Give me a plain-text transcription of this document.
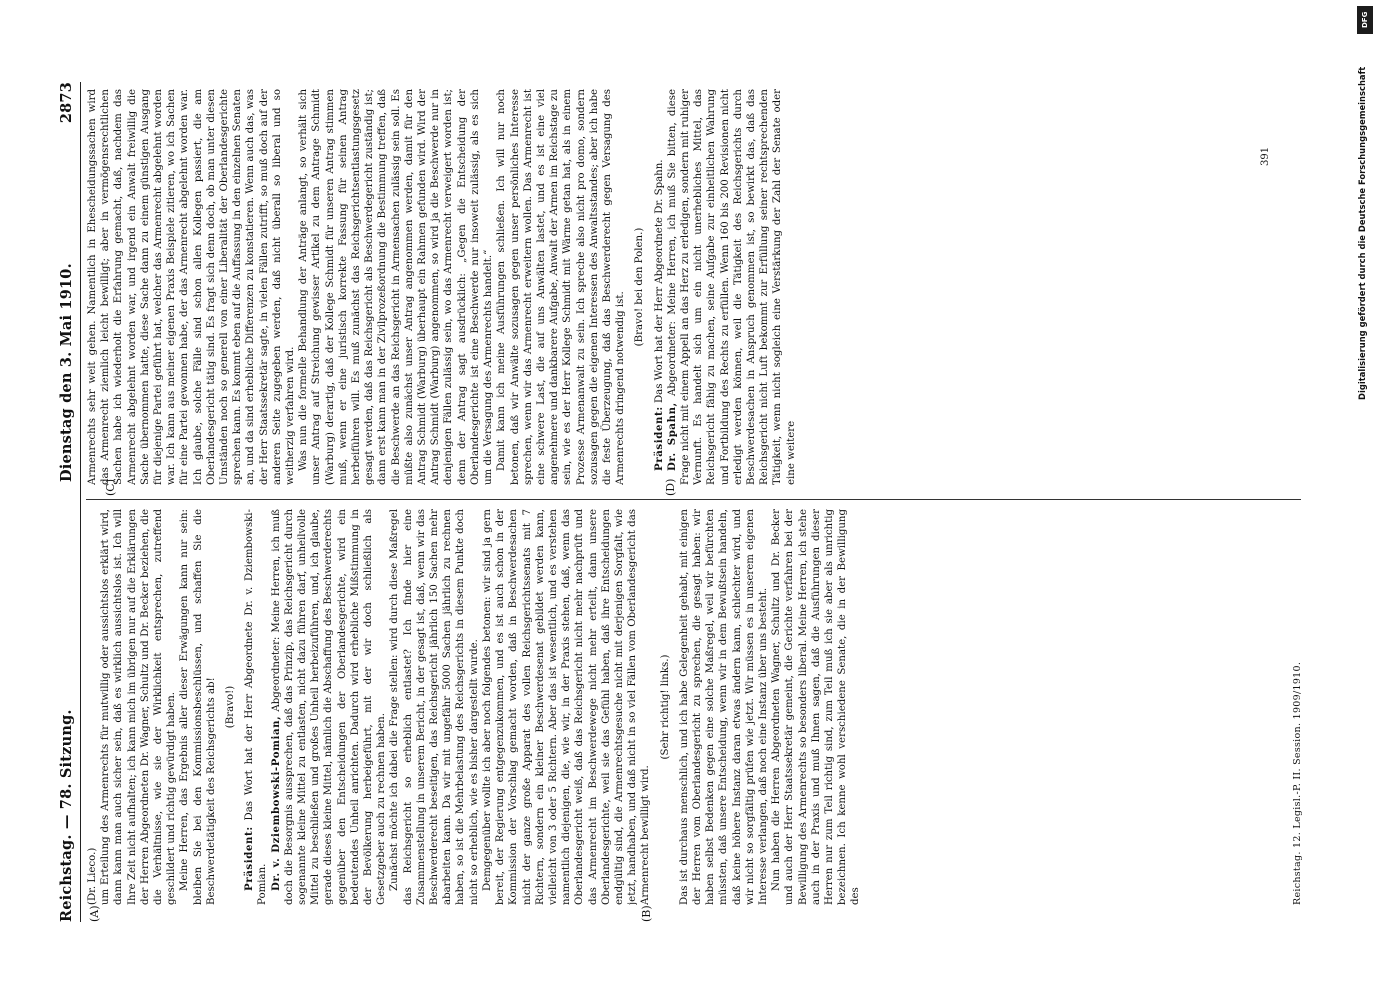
Reichstag. — 78. Sitzung.
Dienstag den 3. Mai 1910.
2873
(A)	(B)
(C)	(D)

(Dr. Lieco.) um Erteilung des Armenrechts für mutwillig oder aussichtslos erklärt wird, dann kann man auch sicher sein, daß es wirklich aussichtslos ist. Ich will Ihre Zeit nicht aufhalten; ich kann mich im übrigen nur auf die Erklärungen der Herren Abgeordneten Dr. Wagner, Schultz und Dr. Becker beziehen, die die Verhältnisse, wie sie der Wirklichkeit entsprechen, zutreffend geschildert und richtig gewürdigt haben. Meine Herren, das Ergebnis aller dieser Erwägungen kann nur sein: bleiben Sie bei den Kommissionsbeschlüssen, und schaffen Sie die Beschwerdetätigkeit des Reichsgerichts ab! (Bravo!)

Präsident: Das Wort hat der Herr Abgeordnete Dr. v. Dziembowski-Pomian. Dr. v. Dziembowski-Pomian, Abgeordneter: Meine Herren, ich muß doch die Besorgnis aussprechen, daß das Prinzip, das Reichsgericht durch sogenannte kleine Mittel zu entlasten, nicht dazu führen darf, unheilvolle Mittel zu beschließen und großes Unheil herbeizuführen, und, ich glaube, gerade dieses kleine Mittel, nämlich die Abschaffung des Beschwerderechts gegenüber den Entscheidungen der Oberlandesgerichte, wird ein bedeutendes Unheil anrichten. Dadurch wird erhebliche Mißstimmung in der Bevölkerung herbeigeführt, mit der wir doch schließlich als Gesetzgeber auch zu rechnen haben. Zunächst möchte ich dabei die Frage stellen: wird durch diese Maßregel das Reichsgericht so erheblich entlastet? Ich finde hier eine Zusammenstellung in unserem Bericht, in der gesagt ist, daß, wenn wir das Beschwerderecht beseitigen, das Reichsgericht jährlich 150 Sachen mehr abarbeiten kann. Da wir mit ungefähr 5000 Sachen jährlich zu rechnen haben, so ist die Mehrbelastung des Reichsgerichts in diesem Punkte doch nicht so erheblich, wie es bisher dargestellt wurde. Demgegenüber wollte ich aber noch folgendes betonen: wir sind ja gern bereit, der Regierung entgegenzukommen, und es ist auch schon in der Kommission der Vorschlag gemacht worden, daß in Beschwerdesachen nicht der ganze große Apparat des vollen Reichsgerichtssenats mit 7 Richtern, sondern ein kleiner Beschwerdesenat gebildet werden kann, vielleicht von 3 oder 5 Richtern. Aber das ist wesentlich, und es verstehen namentlich diejenigen, die, wie wir, in der Praxis stehen, daß, wenn das Oberlandesgericht weiß, daß das Reichsgericht nicht mehr nachprüft und das Armenrecht im Beschwerdewege nicht mehr erteilt, dann unsere Oberlandesgerichte, weil sie das Gefühl haben, daß ihre Entscheidungen endgültig sind, die Armenrechtsgesuche nicht mit derjenigen Sorgfalt, wie jetzt, handhaben, und daß nicht in so viel Fällen vom Oberlandesgericht das Armenrecht bewilligt wird.

(Sehr richtig! links.) Das ist durchaus menschlich, und ich habe Gelegenheit gehabt, mit einigen der Herren vom Oberlandesgericht zu sprechen, die gesagt haben: wir haben selbst Bedenken gegen eine solche Maßregel, weil wir befürchten müssten, daß unsere Entscheidung, wenn wir in dem Bewußtsein handeln, daß keine höhere Instanz daran etwas ändern kann, schlechter wird, und wir nicht so sorgfältig prüfen wie jetzt. Wir müssen es in unserem eigenen Interesse verlangen, daß noch eine Instanz über uns besteht. Nun haben die Herren Abgeordneten Wagner, Schultz und Dr. Becker und auch der Herr Staatssekretär gemeint, die Gerichte verfahren bei der Bewilligung des Armenrechts so besonders liberal. Meine Herren, ich stehe auch in der Praxis und muß Ihnen sagen, daß die Ausführungen dieser Herren nur zum Teil richtig sind, zum Teil muß ich sie aber als unrichtig bezeichnen. Ich kenne wohl verschiedene Senate, die in der Bewilligung des

Armenrechts sehr weit gehen. Namentlich in Ehescheidungssachen wird das Armenrecht ziemlich leicht bewilligt; aber in vermögensrechtlichen Sachen habe ich wiederholt die Erfahrung gemacht, daß, nachdem das Armenrecht abgelehnt worden war, und irgend ein Anwalt freiwillig die Sache übernommen hatte, diese Sache dann zu einem günstigen Ausgang für diejenige Partei geführt hat, welcher das Armenrecht abgelehnt worden war. Ich kann aus meiner eigenen Praxis Beispiele zitieren, wo ich Sachen für eine Partei gewonnen habe, der das Armenrecht abgelehnt worden war. Ich glaube, solche Fälle sind schon allen Kollegen passiert, die am Oberlandesgericht tätig sind. Es fragt sich denn doch, ob man unter diesen Umständen noch so generell von einer Liberalität der Oberlandesgerichte sprechen kann. Es kommt eben auf die Auffassung in den einzelnen Senaten an, und da sind erhebliche Differenzen zu konstatieren. Wenn auch das, was der Herr Staatssekretär sagte, in vielen Fällen zutrifft, so muß doch auf der anderen Seite zugegeben werden, daß nicht überall so liberal und so weitherzig verfahren wird. Was nun die formelle Behandlung der Anträge anlangt, so verhält sich unser Antrag auf Streichung gewisser Artikel zu dem Antrage Schmidt (Warburg) derartig, daß der Kollege Schmidt für unseren Antrag stimmen muß, wenn er eine juristisch korrekte Fassung für seinen Antrag herbeiführen will. Es muß zunächst das Reichsgerichtsentlastungsgesetz gesagt werden, daß das Reichsgericht als Beschwerdegericht zuständig ist; dann erst kann man in der Zivilprozeßordnung die Bestimmung treffen, daß die Beschwerde an das Reichsgericht in Armensachen zulässig sein soll. Es müßte also zunächst unser Antrag angenommen werden, damit für den Antrag Schmidt (Warburg) überhaupt ein Rahmen gefunden wird. Wird der Antrag Schmidt (Warburg) angenommen, so wird ja die Beschwerde nur in denjenigen Fällen zulässig sein, wo das Armenrecht verweigert worden ist; denn der Antrag sagt ausdrücklich: „Gegen die Entscheidung der Oberlandesgerichte ist eine Beschwerde nur insoweit zulässig, als es sich um die Versagung des Armenrechts handelt.“ Damit kann ich meine Ausführungen schließen. Ich will nur noch betonen, daß wir Anwälte sozusagen gegen unser persönliches Interesse sprechen, wenn wir das Armenrecht erweitern wollen. Das Armenrecht ist eine schwere Last, die auf uns Anwälten lastet, und es ist eine viel angenehmere und dankbarere Aufgabe, Anwalt der Armen im Reichstage zu sein, wie es der Herr Kollege Schmidt mit Wärme getan hat, als in einem Prozesse Armenanwalt zu sein. Ich spreche also nicht pro domo, sondern sozusagen gegen die eigenen Interessen des Anwaltsstandes; aber ich habe die feste Überzeugung, daß das Beschwerderecht gegen Versagung des Armenrechts dringend notwendig ist.

(Bravo! bei den Polen.)

Präsident: Das Wort hat der Herr Abgeordnete Dr. Spahn.

Dr. Spahn, Abgeordneter: Meine Herren, ich muß Sie bitten, diese Frage nicht mit einem Appell an das Herz zu erledigen, sondern mit ruhiger Vernunft. Es handelt sich um ein nicht unerhebliches Mittel, das Reichsgericht fähig zu machen, seine Aufgabe zur einheitlichen Wahrung und Fortbildung des Rechts zu erfüllen. Wenn 160 bis 200 Revisionen nicht erledigt werden können, weil die Tätigkeit des Reichsgerichts durch Beschwerdesachen in Anspruch genommen ist, so bewirkt das, daß das Reichsgericht nicht Luft bekommt zur Erfüllung seiner rechtsprechenden Tätigkeit, wenn nicht sogleich eine Verstärkung der Zahl der Senate oder eine weitere

Reichstag. 12. Legisl.-P. II. Session. 1909/1910.
391
DFG
Digitalisierung gefördert durch die Deutsche Forschungsgemeinschaft
